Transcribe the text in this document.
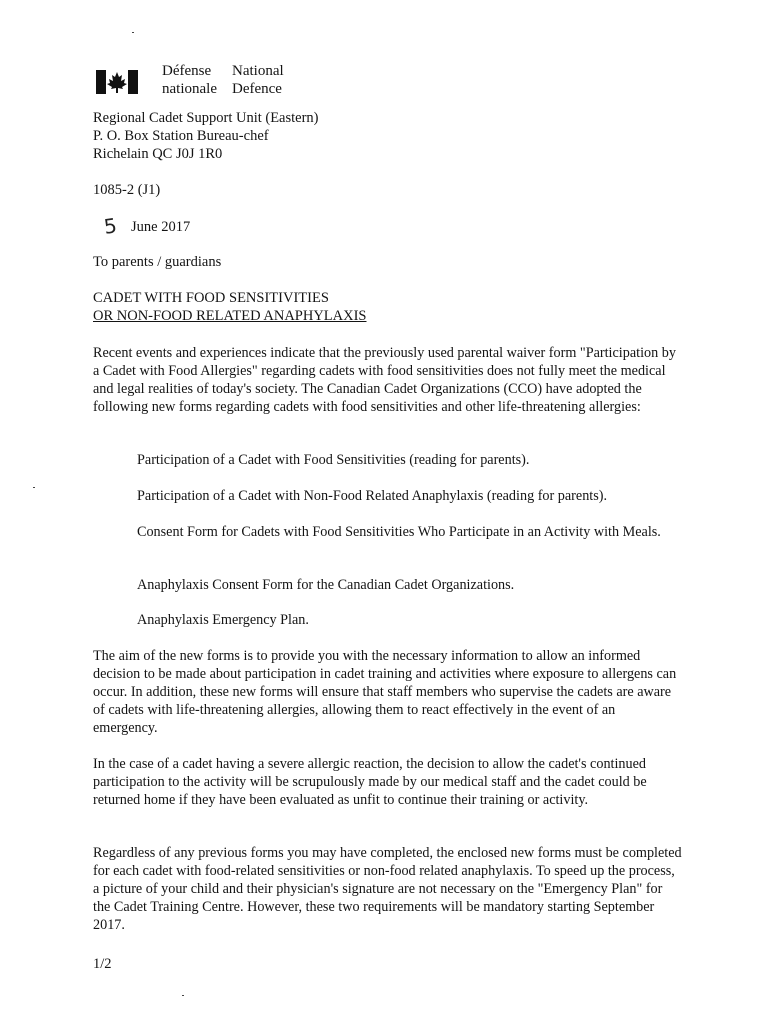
Défense
nationale
National
Defence
Regional Cadet Support Unit (Eastern)
P. O. Box Station Bureau-chef
Richelain QC J0J 1R0
1085-2 (J1)
5 June 2017
To parents / guardians
CADET WITH FOOD SENSITIVITIES
OR NON-FOOD RELATED ANAPHYLAXIS
Recent events and experiences indicate that the previously used parental waiver form "Participation by a Cadet with Food Allergies" regarding cadets with food sensitivities does not fully meet the medical and legal realities of today's society. The Canadian Cadet Organizations (CCO) have adopted the following new forms regarding cadets with food sensitivities and other life-threatening allergies:
Participation of a Cadet with Food Sensitivities (reading for parents).
Participation of a Cadet with Non-Food Related Anaphylaxis (reading for parents).
Consent Form for Cadets with Food Sensitivities Who Participate in an Activity with Meals.
Anaphylaxis Consent Form for the Canadian Cadet Organizations.
Anaphylaxis Emergency Plan.
The aim of the new forms is to provide you with the necessary information to allow an informed decision to be made about participation in cadet training and activities where exposure to allergens can occur. In addition, these new forms will ensure that staff members who supervise the cadets are aware of cadets with life-threatening allergies, allowing them to react effectively in the event of an emergency.
In the case of a cadet having a severe allergic reaction, the decision to allow the cadet's continued participation to the activity will be scrupulously made by our medical staff and the cadet could be returned home if they have been evaluated as unfit to continue their training or activity.
Regardless of any previous forms you may have completed, the enclosed new forms must be completed for each cadet with food-related sensitivities or non-food related anaphylaxis. To speed up the process, a picture of your child and their physician's signature are not necessary on the "Emergency Plan" for the Cadet Training Centre. However, these two requirements will be mandatory starting September 2017.
1/2
